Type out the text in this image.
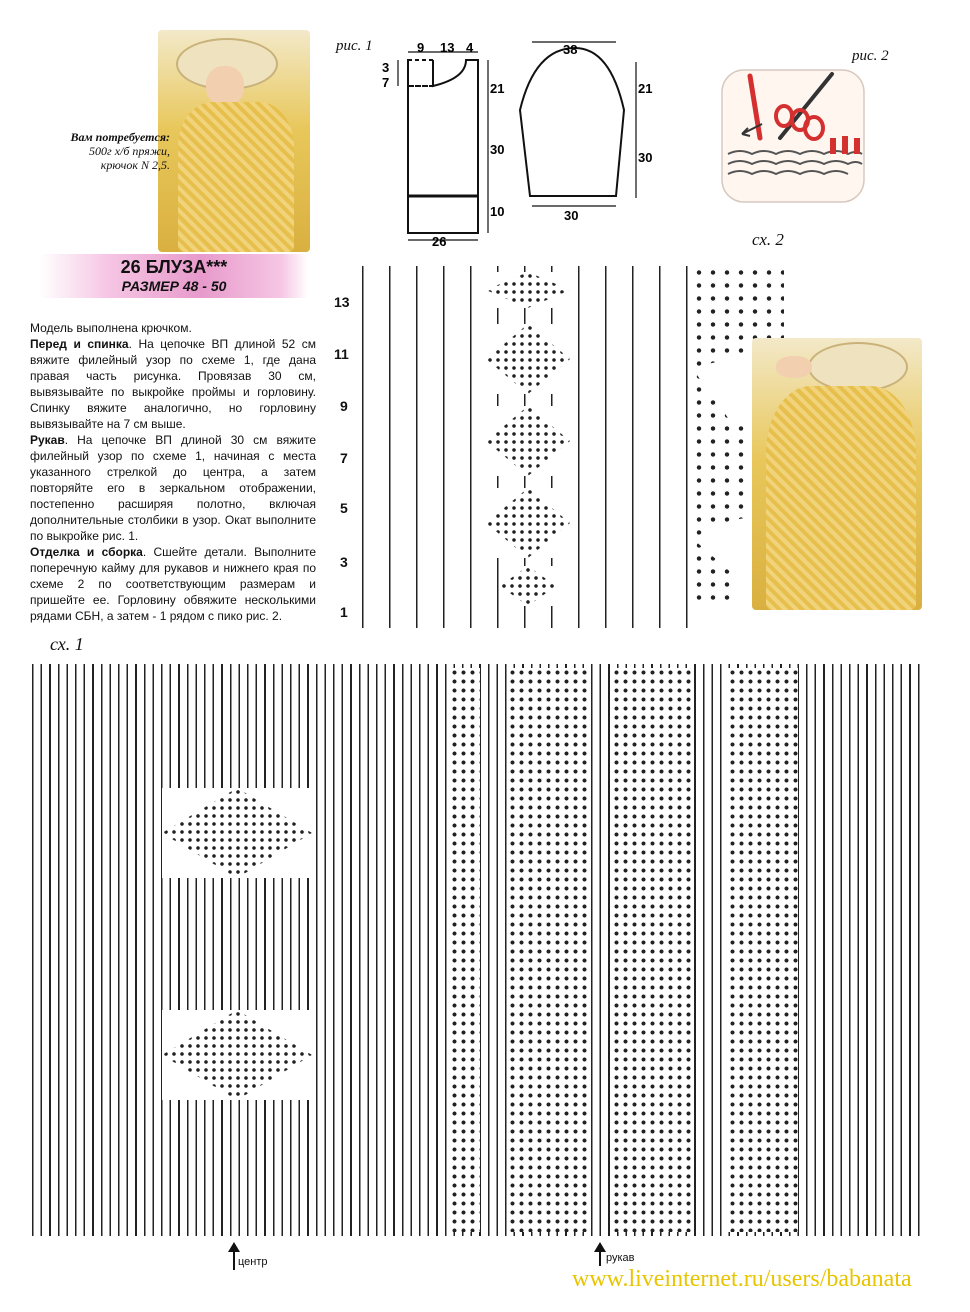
Вам потребуется:
500г х/б пряжи,
крючок N 2,5.
26 БЛУЗА***
РАЗМЕР 48 - 50
Модель выполнена крючком.
Перед и спинка. На цепочке ВП длиной 52 см вяжите филейный узор по схеме 1, где дана правая часть рисунка. Провязав 30 см, вывязывайте по выкройке проймы и горловину. Спинку вяжите аналогично, но горловину вывязывайте на 7 см выше.
Рукав. На цепочке ВП длиной 30 см вяжите филейный узор по схеме 1, начиная с места указанного стрелкой до центра, а затем повторяйте его в зеркальном отображении, постепенно расширяя полотно, включая дополнительные столбики в узор. Окат выполните по выкройке рис. 1.
Отделка и сборка. Сшейте детали. Выполните поперечную кайму для рукавов и нижнего края по схеме 2 по соответствующим размерам и пришейте ее. Горловину обвяжите несколькими рядами СБН, а затем - 1 рядом с пико рис. 2.
рис. 1	9 13 4
3
7	21
30
10
26
38
21
30
30
рис. 2
сх. 2
13
11
9
7
5
3
1
сх. 1
центр	рукав
www.liveinternet.ru/users/babanata
